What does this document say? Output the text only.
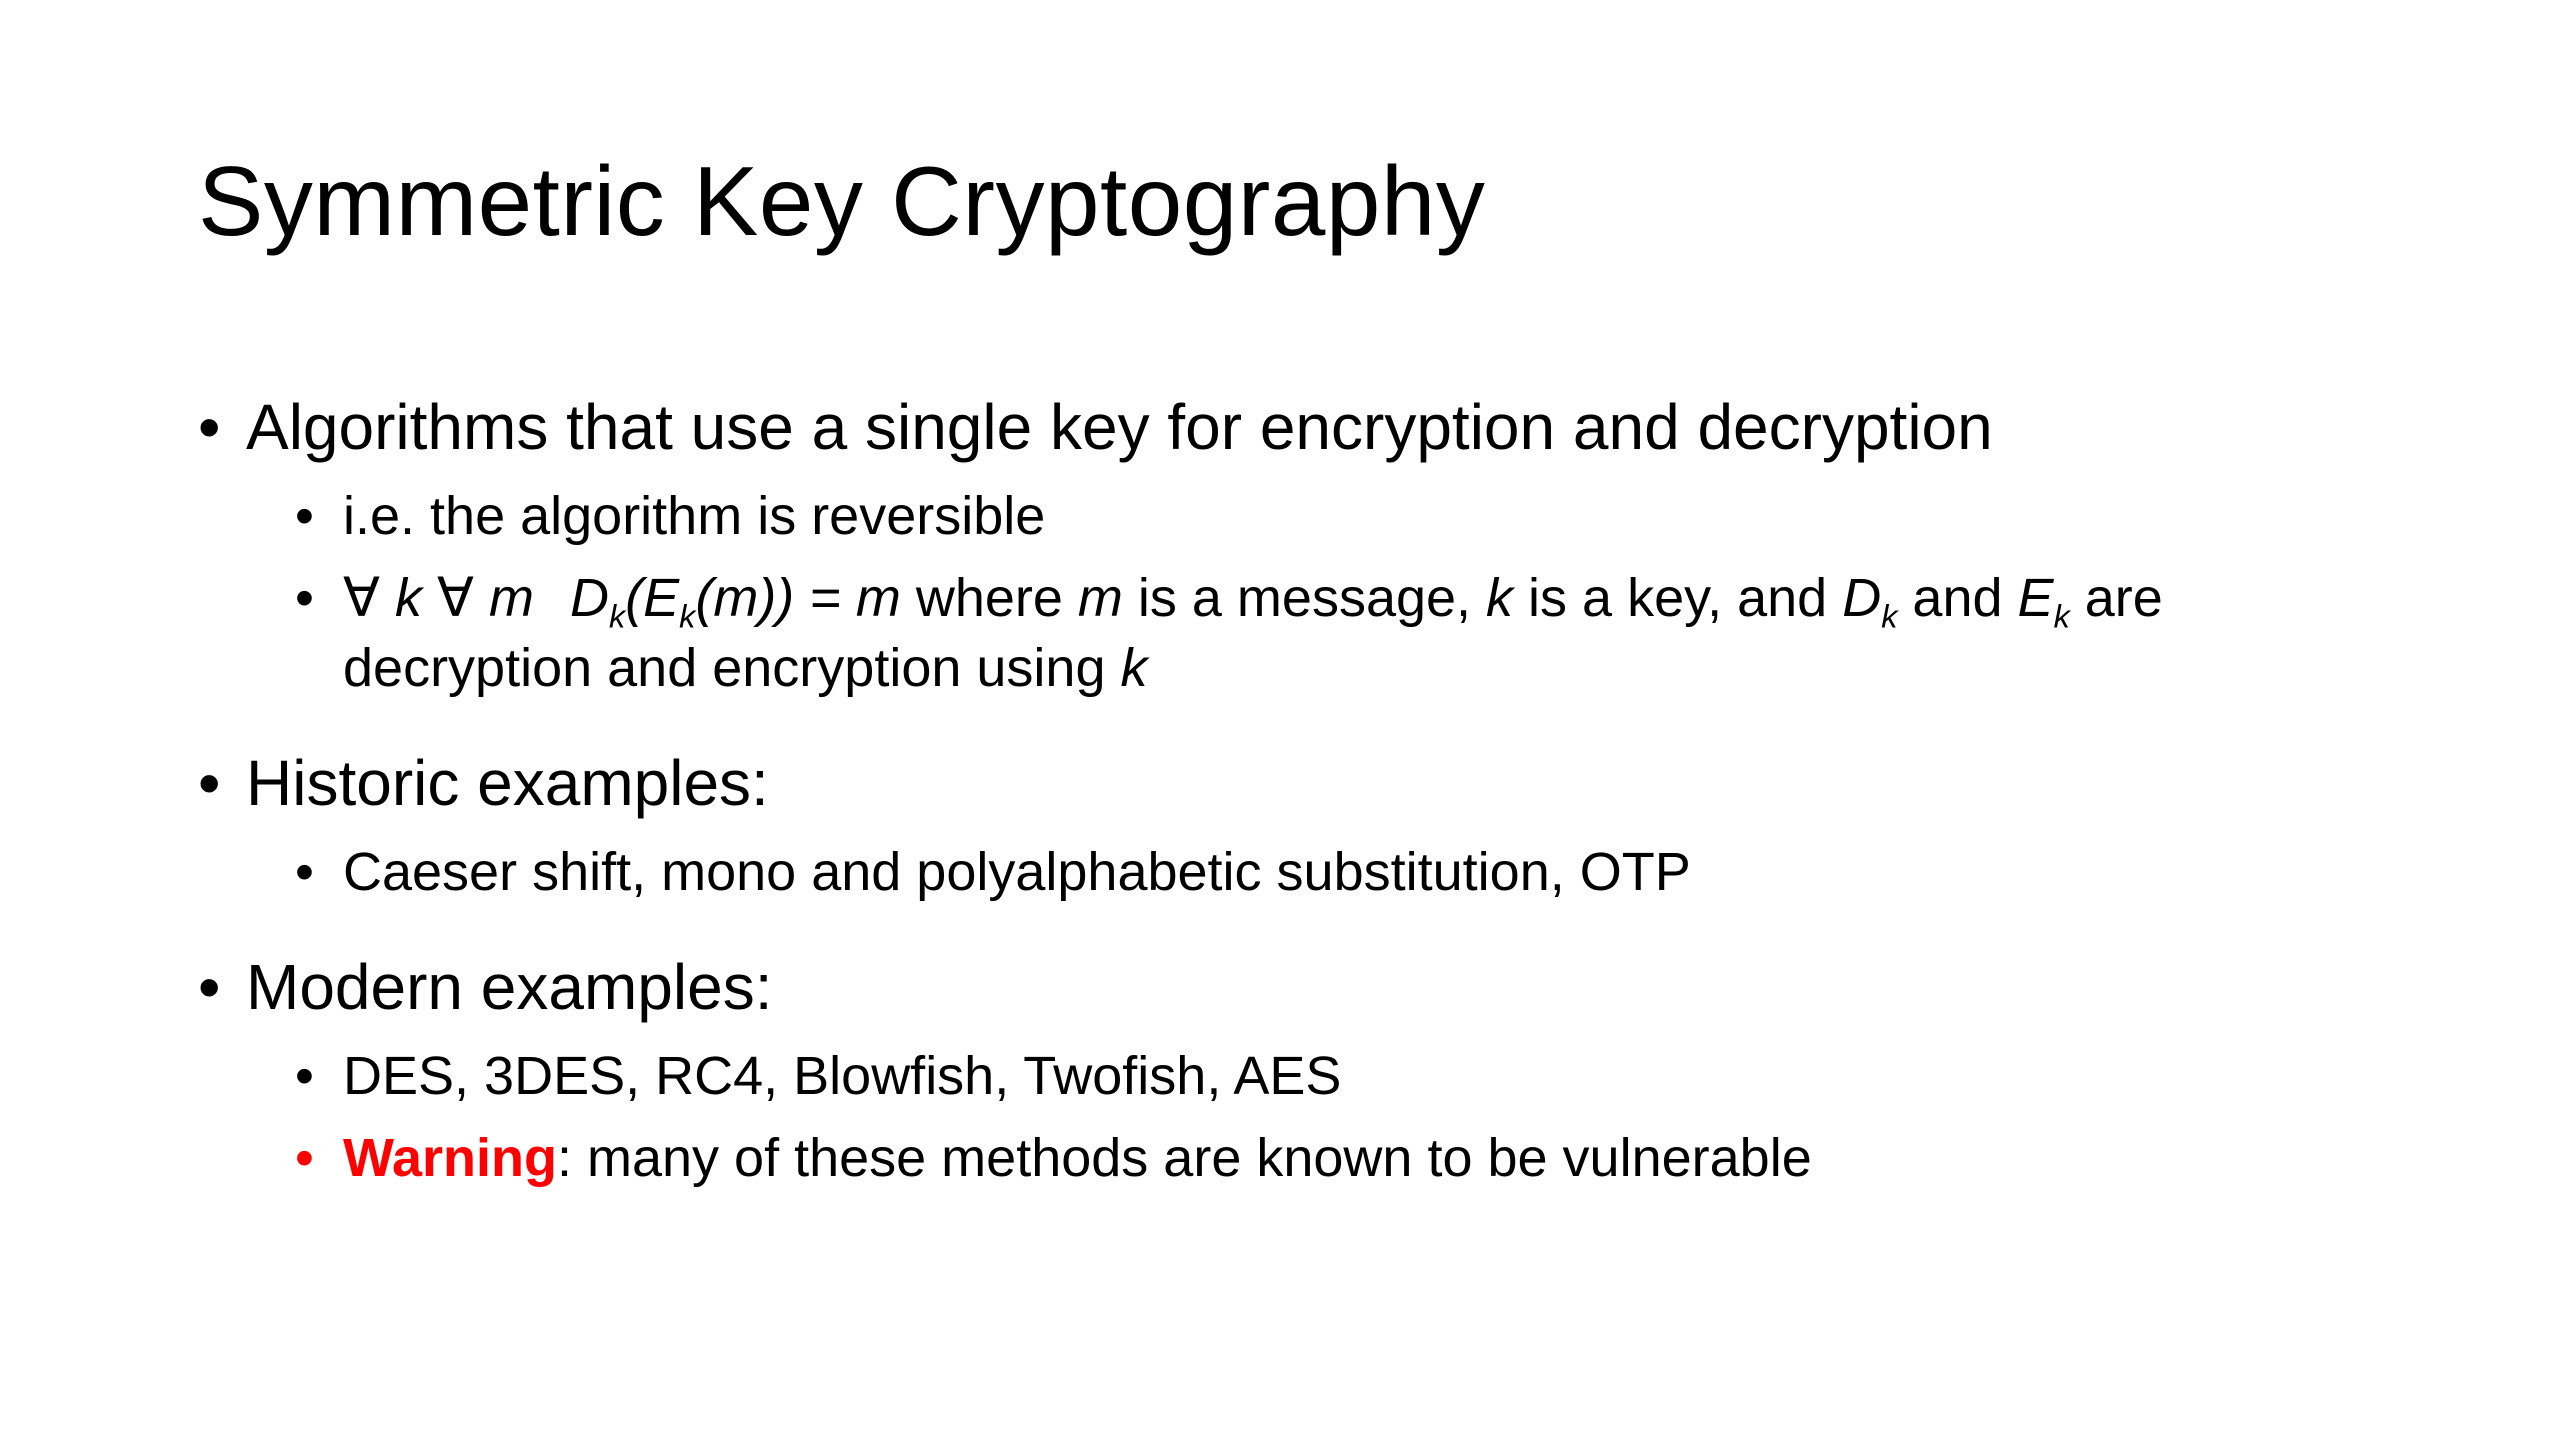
Symmetric Key Cryptography
• Algorithms that use a single key for encryption and decryption
• i.e. the algorithm is reversible
• ∀ k ∀ m $D_k(E_k(m)) = m$ where m is a message, k is a key, and $D_k$ and $E_k$ are
decryption and encryption using k
• Historic examples:
• Caeser shift, mono and polyalphabetic substitution, OTP
• Modern examples:
• DES, 3DES, RC4, Blowfish, Twofish, AES
• Warning: many of these methods are known to be vulnerable
